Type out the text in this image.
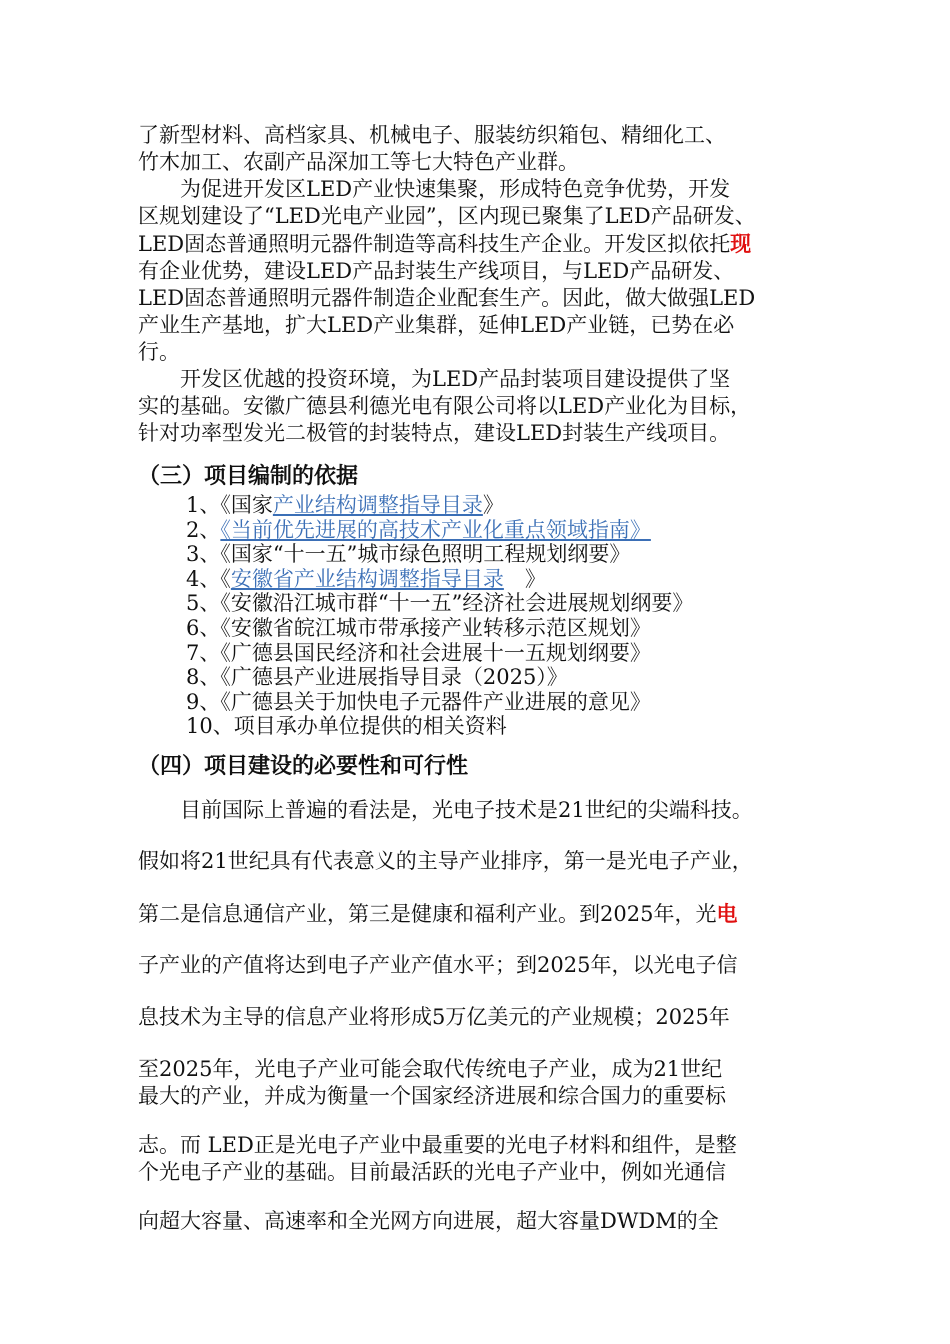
了新型材料、高档家具、机械电子、服装纺织箱包、精细化工、
竹木加工、农副产品深加工等七大特色产业群。
为促进开发区LED产业快速集聚，形成特色竞争优势，开发
区规划建设了“LED光电产业园”，区内现已聚集了LED产品研发、
LED固态普通照明元器件制造等高科技生产企业。开发区拟依托现
有企业优势，建设LED产品封装生产线项目，与LED产品研发、
LED固态普通照明元器件制造企业配套生产。因此，做大做强LED
产业生产基地，扩大LED产业集群，延伸LED产业链，已势在必
行。
开发区优越的投资环境，为LED产品封装项目建设提供了坚
实的基础。安徽广德县利德光电有限公司将以LED产业化为目标，
针对功率型发光二极管的封装特点，建设LED封装生产线项目。
（三）项目编制的依据
1、《国家产业结构调整指导目录》
2、《当前优先进展的高技术产业化重点领域指南》
3、《国家“十一五”城市绿色照明工程规划纲要》
4、《安徽省产业结构调整指导目录　》
5、《安徽沿江城市群“十一五”经济社会进展规划纲要》
6、《安徽省皖江城市带承接产业转移示范区规划》
7、《广德县国民经济和社会进展十一五规划纲要》
8、《广德县产业进展指导目录（2025）》
9、《广德县关于加快电子元器件产业进展的意见》
10、项目承办单位提供的相关资料
（四）项目建设的必要性和可行性
目前国际上普遍的看法是，光电子技术是21世纪的尖端科技。
假如将21世纪具有代表意义的主导产业排序，第一是光电子产业，
第二是信息通信产业，第三是健康和福利产业。到2025年，光电
子产业的产值将达到电子产业产值水平；到2025年，以光电子信
息技术为主导的信息产业将形成5万亿美元的产业规模；2025年
至2025年，光电子产业可能会取代传统电子产业，成为21世纪
最大的产业，并成为衡量一个国家经济进展和综合国力的重要标
志。而 LED正是光电子产业中最重要的光电子材料和组件，是整
个光电子产业的基础。目前最活跃的光电子产业中，例如光通信
向超大容量、高速率和全光网方向进展，超大容量DWDM的全
